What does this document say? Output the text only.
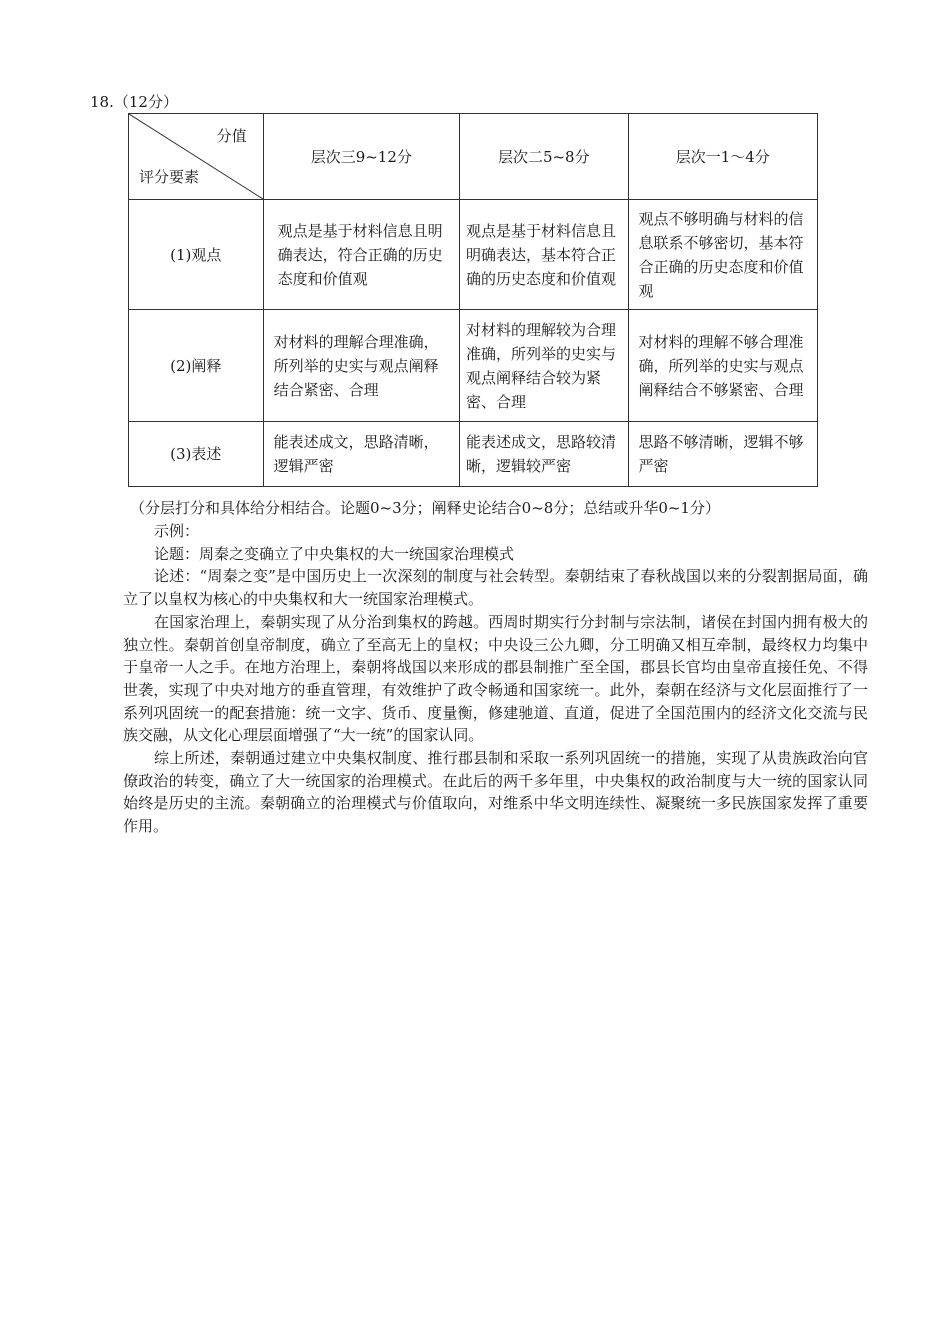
18.（12分）
分值
评分要素	层次三9~12分	层次二5~8分	层次一1～4分
(1)观点	观点是基于材料信息且明确表达，符合正确的历史态度和价值观	观点是基于材料信息且明确表达，基本符合正确的历史态度和价值观	观点不够明确与材料的信息联系不够密切，基本符合正确的历史态度和价值观
(2)阐释	对材料的理解合理准确，所列举的史实与观点阐释结合紧密、合理	对材料的理解较为合理准确，所列举的史实与观点阐释结合较为紧密、合理	对材料的理解不够合理准确，所列举的史实与观点阐释结合不够紧密、合理
(3)表述	能表述成文，思路清晰，逻辑严密	能表述成文，思路较清晰，逻辑较严密	思路不够清晰，逻辑不够严密
（分层打分和具体给分相结合。论题0~3分；阐释史论结合0~8分；总结或升华0~1分）

示例：

论题：周秦之变确立了中央集权的大一统国家治理模式

论述：“周秦之变”是中国历史上一次深刻的制度与社会转型。秦朝结束了春秋战国以来的分裂割据局面，确立了以皇权为核心的中央集权和大一统国家治理模式。

在国家治理上，秦朝实现了从分治到集权的跨越。西周时期实行分封制与宗法制，诸侯在封国内拥有极大的独立性。秦朝首创皇帝制度，确立了至高无上的皇权；中央设三公九卿，分工明确又相互牵制，最终权力均集中于皇帝一人之手。在地方治理上，秦朝将战国以来形成的郡县制推广至全国，郡县长官均由皇帝直接任免、不得世袭，实现了中央对地方的垂直管理，有效维护了政令畅通和国家统一。此外，秦朝在经济与文化层面推行了一系列巩固统一的配套措施：统一文字、货币、度量衡，修建驰道、直道，促进了全国范围内的经济文化交流与民族交融，从文化心理层面增强了“大一统”的国家认同。

综上所述，秦朝通过建立中央集权制度、推行郡县制和采取一系列巩固统一的措施，实现了从贵族政治向官僚政治的转变，确立了大一统国家的治理模式。在此后的两千多年里，中央集权的政治制度与大一统的国家认同始终是历史的主流。秦朝确立的治理模式与价值取向，对维系中华文明连续性、凝聚统一多民族国家发挥了重要作用。
